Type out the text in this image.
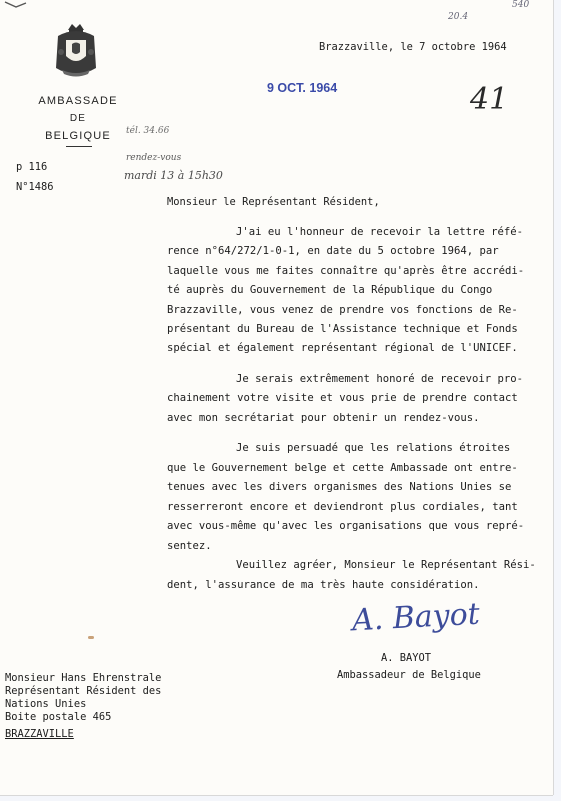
AMBASSADE
DE
BELGIQUE
p 116
N°1486
20.4
540
41
tél. 34.66
rendez-vous
mardi 13 à 15h30
Brazzaville, le 7 octobre 1964
9 OCT. 1964
Monsieur le Représentant Résident,
J'ai eu l'honneur de recevoir la lettre réfé-
rence n°64/272/1-0-1, en date du 5 octobre 1964, par
laquelle vous me faites connaître qu'après être accrédi-
té auprès du Gouvernement de la République du Congo
Brazzaville, vous venez de prendre vos fonctions de Re-
présentant du Bureau de l'Assistance technique et Fonds
spécial et également représentant régional de l'UNICEF.
Je serais extrêmement honoré de recevoir pro-
chainement votre visite et vous prie de prendre contact
avec mon secrétariat pour obtenir un rendez-vous.
Je suis persuadé que les relations étroites
que le Gouvernement belge et cette Ambassade ont entre-
tenues avec les divers organismes des Nations Unies se
resserreront encore et deviendront plus cordiales, tant
avec vous-même qu'avec les organisations que vous repré-
sentez.
Veuillez agréer, Monsieur le Représentant Rési-
dent, l'assurance de ma très haute considération.
A. Bayot
A. BAYOT
Ambassadeur de Belgique
Monsieur Hans Ehrenstrale
Représentant Résident des
Nations Unies
Boite postale 465
BRAZZAVILLE
